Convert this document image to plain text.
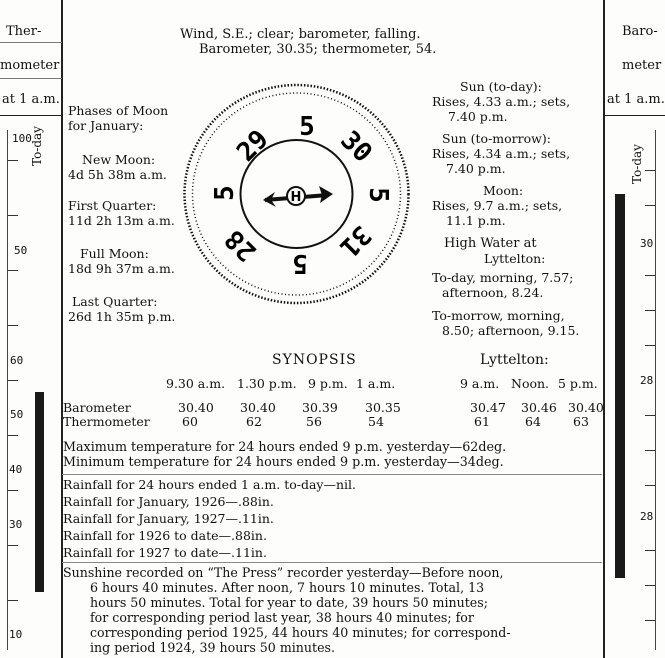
Ther-
mometer
at 1 a.m.
To-day
100
50
60
50
40
30
10
Baro-
meter
at 1 a.m.
To-day
30
28
28
Wind, S.E.; clear; barometer, falling.
Barometer, 30.35; thermometer, 54.
Phases of Moon
for January:
New Moon:
4d 5h 38m a.m.
First Quarter:
11d 2h 13m a.m.
Full Moon:
18d 9h 37m a.m.
Last Quarter:
26d 1h 35m p.m.
5 30
5
31
5
28
5
29
H
Sun (to-day):
Rises, 4.33 a.m.; sets,
7.40 p.m.
Sun (to-morrow):
Rises, 4.34 a.m.; sets,
7.40 p.m.
Moon:
Rises, 9.7 a.m.; sets,
11.1 p.m.
High Water at
Lyttelton:
To-day, morning, 7.57;
afternoon, 8.24.
To-morrow, morning,
8.50; afternoon, 9.15.
SYNOPSIS
9.30 a.m. 1.30 p.m. 9 p.m. 1 a.m.
Barometer	30.40 30.40 30.39 30.35
Thermometer	60	62	56	54
Lyttelton:
9 a.m. Noon. 5 p.m.
30.47 30.46 30.40
61	64	63
Maximum temperature for 24 hours ended 9 p.m. yesterday—62deg.
Minimum temperature for 24 hours ended 9 p.m. yesterday—34deg.
Rainfall for 24 hours ended 1 a.m. to-day—nil.
Rainfall for January, 1926—.88in.
Rainfall for January, 1927—.11in.
Rainfall for 1926 to date—.88in.
Rainfall for 1927 to date—.11in.
Sunshine recorded on “The Press” recorder yesterday—Before noon,
6 hours 40 minutes. After noon, 7 hours 10 minutes. Total, 13
hours 50 minutes. Total for year to date, 39 hours 50 minutes;
for corresponding period last year, 38 hours 40 minutes; for
corresponding period 1925, 44 hours 40 minutes; for correspond-
ing period 1924, 39 hours 50 minutes.
